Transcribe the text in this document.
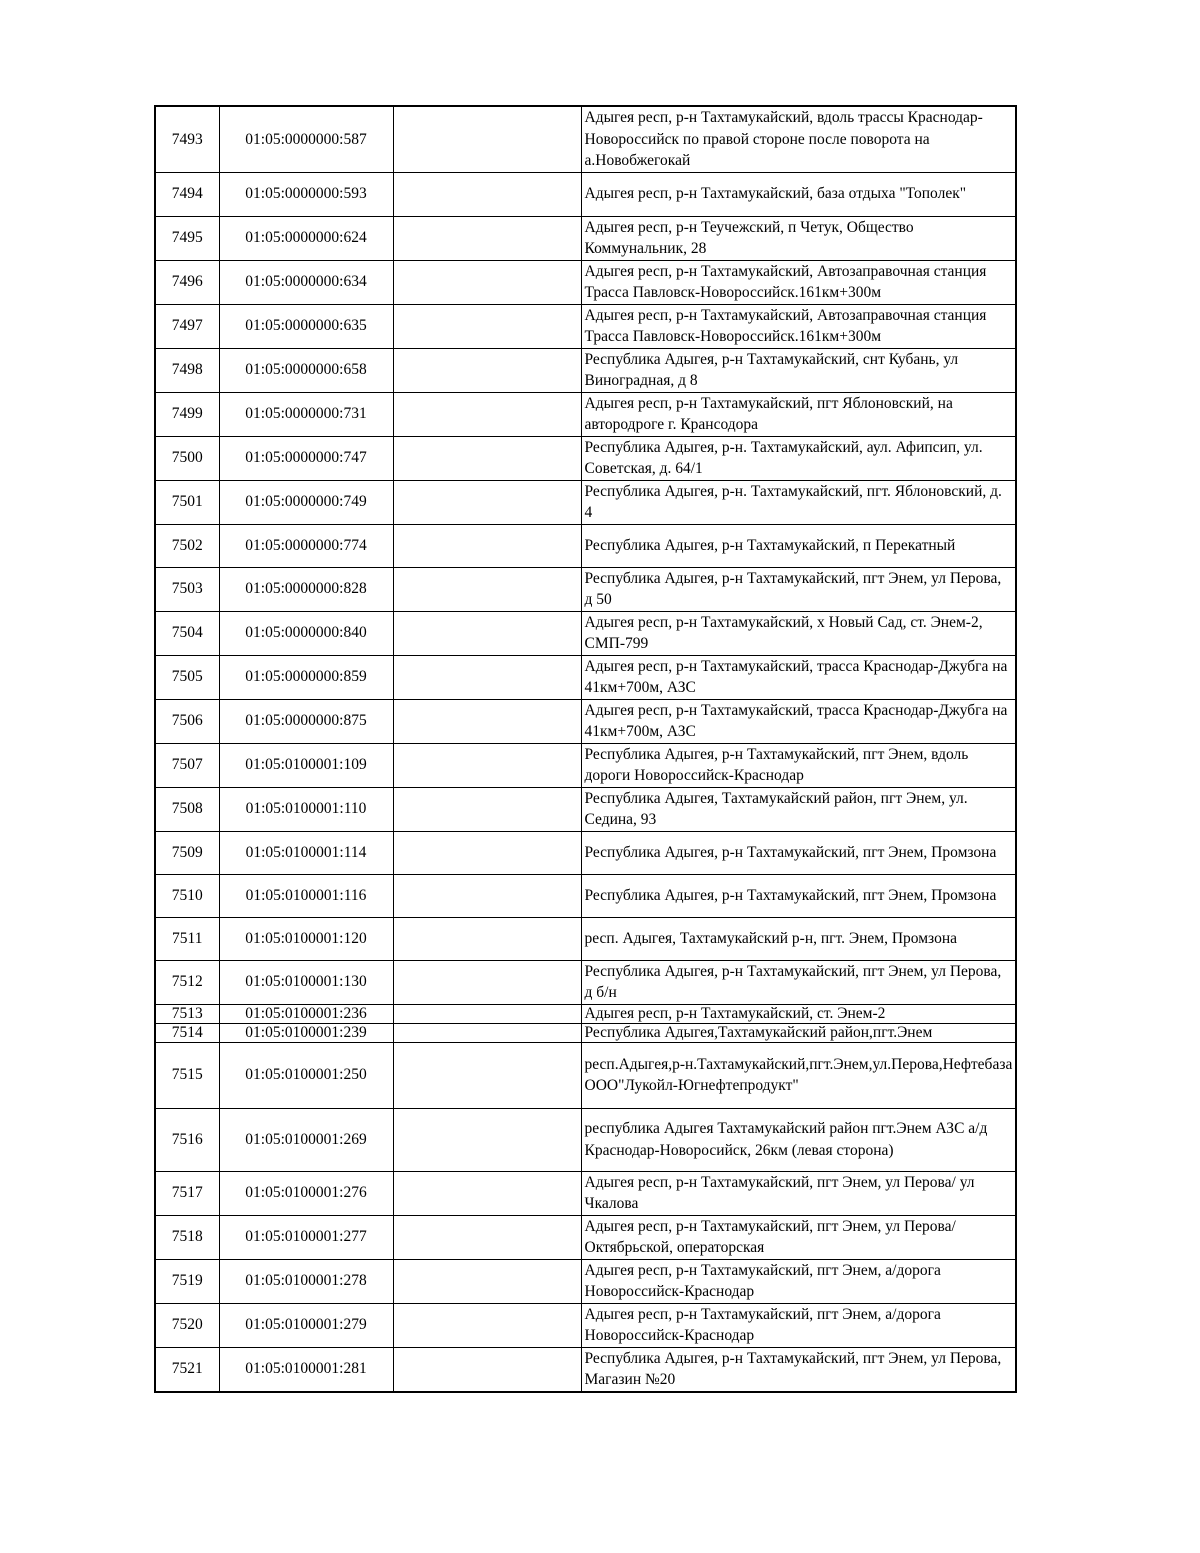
7493	01:05:0000000:587		Адыгея респ, р-н Тахтамукайский, вдоль трассы Краснодар-Новороссийск по правой стороне после поворота на а.Новобжегокай
7494	01:05:0000000:593		Адыгея респ, р-н Тахтамукайский, база отдыха "Тополек"
7495	01:05:0000000:624		Адыгея респ, р-н Теучежский, п Четук, Общество Коммунальник, 28
7496	01:05:0000000:634		Адыгея респ, р-н Тахтамукайский, Автозаправочная станция Трасса Павловск-Новороссийск.161км+300м
7497	01:05:0000000:635		Адыгея респ, р-н Тахтамукайский, Автозаправочная станция Трасса Павловск-Новороссийск.161км+300м
7498	01:05:0000000:658		Республика Адыгея, р-н Тахтамукайский, снт Кубань, ул Виноградная, д 8
7499	01:05:0000000:731		Адыгея респ, р-н Тахтамукайский, пгт Яблоновский, на автородроге г. Крансодора
7500	01:05:0000000:747		Республика Адыгея, р-н. Тахтамукайский, аул. Афипсип, ул. Советская, д. 64/1
7501	01:05:0000000:749		Республика Адыгея, р-н. Тахтамукайский, пгт. Яблоновский, д. 4
7502	01:05:0000000:774		Республика Адыгея, р-н Тахтамукайский, п Перекатный
7503	01:05:0000000:828		Республика Адыгея, р-н Тахтамукайский, пгт Энем, ул Перова, д 50
7504	01:05:0000000:840		Адыгея респ, р-н Тахтамукайский, х Новый Сад, ст. Энем-2, СМП-799
7505	01:05:0000000:859		Адыгея респ, р-н Тахтамукайский, трасса Краснодар-Джубга на 41км+700м, АЗС
7506	01:05:0000000:875		Адыгея респ, р-н Тахтамукайский, трасса Краснодар-Джубга на 41км+700м, АЗС
7507	01:05:0100001:109		Республика Адыгея, р-н Тахтамукайский, пгт Энем, вдоль дороги Новороссийск-Краснодар
7508	01:05:0100001:110		Республика Адыгея, Тахтамукайский район, пгт Энем, ул. Седина, 93
7509	01:05:0100001:114		Республика Адыгея, р-н Тахтамукайский, пгт Энем, Промзона
7510	01:05:0100001:116		Республика Адыгея, р-н Тахтамукайский, пгт Энем, Промзона
7511	01:05:0100001:120		респ. Адыгея, Тахтамукайский р-н, пгт. Энем, Промзона
7512	01:05:0100001:130		Республика Адыгея, р-н Тахтамукайский, пгт Энем, ул Перова, д б/н
7513	01:05:0100001:236		Адыгея респ, р-н Тахтамукайский, ст. Энем-2
7514	01:05:0100001:239		Республика Адыгея,Тахтамукайский район,пгт.Энем
7515	01:05:0100001:250		респ.Адыгея,р-н.Тахтамукайский,пгт.Энем,ул.Перова,Нефтебаза ООО"Лукойл-Югнефтепродукт"
7516	01:05:0100001:269		республика Адыгея Тахтамукайский район пгт.Энем АЗС а/д Краснодар-Новоросийск, 26км (левая сторона)
7517	01:05:0100001:276		Адыгея респ, р-н Тахтамукайский, пгт Энем, ул Перова/ ул Чкалова
7518	01:05:0100001:277		Адыгея респ, р-н Тахтамукайский, пгт Энем, ул Перова/Октябрьской, операторская
7519	01:05:0100001:278		Адыгея респ, р-н Тахтамукайский, пгт Энем, а/дорога Новороссийск-Краснодар
7520	01:05:0100001:279		Адыгея респ, р-н Тахтамукайский, пгт Энем, а/дорога Новороссийск-Краснодар
7521	01:05:0100001:281		Республика Адыгея, р-н Тахтамукайский, пгт Энем, ул Перова, Магазин №20
